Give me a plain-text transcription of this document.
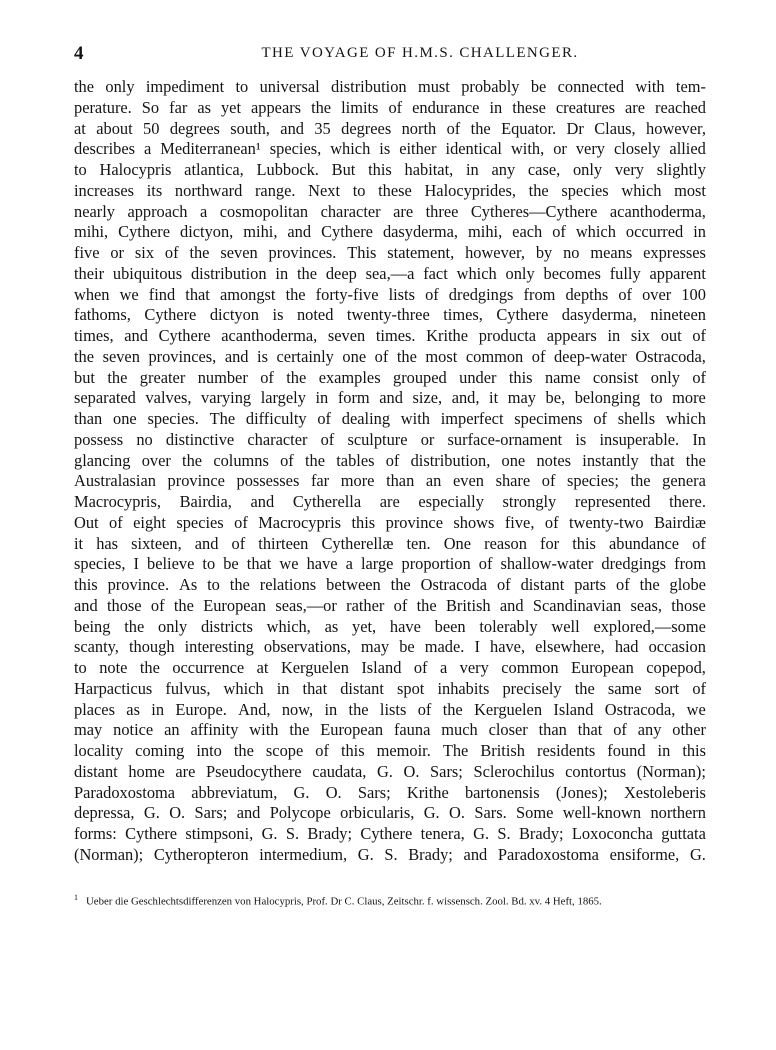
4	THE VOYAGE OF H.M.S. CHALLENGER.
the only impediment to universal distribution must probably be connected with tem-
perature. So far as yet appears the limits of endurance in these creatures are reached
at about 50 degrees south, and 35 degrees north of the Equator. Dr Claus, however,
describes a Mediterranean¹ species, which is either identical with, or very closely allied
to Halocypris atlantica, Lubbock. But this habitat, in any case, only very slightly
increases its northward range. Next to these Halocyprides, the species which most
nearly approach a cosmopolitan character are three Cytheres—Cythere acanthoderma,
mihi, Cythere dictyon, mihi, and Cythere dasyderma, mihi, each of which occurred in
five or six of the seven provinces. This statement, however, by no means expresses
their ubiquitous distribution in the deep sea,—a fact which only becomes fully apparent
when we find that amongst the forty-five lists of dredgings from depths of over 100
fathoms, Cythere dictyon is noted twenty-three times, Cythere dasyderma, nineteen
times, and Cythere acanthoderma, seven times. Krithe producta appears in six out of
the seven provinces, and is certainly one of the most common of deep-water Ostracoda,
but the greater number of the examples grouped under this name consist only of
separated valves, varying largely in form and size, and, it may be, belonging to more
than one species. The difficulty of dealing with imperfect specimens of shells which
possess no distinctive character of sculpture or surface-ornament is insuperable. In
glancing over the columns of the tables of distribution, one notes instantly that the
Australasian province possesses far more than an even share of species; the genera
Macrocypris, Bairdia, and Cytherella are especially strongly represented there.
Out of eight species of Macrocypris this province shows five, of twenty-two Bairdiæ
it has sixteen, and of thirteen Cytherellæ ten. One reason for this abundance of
species, I believe to be that we have a large proportion of shallow-water dredgings from
this province. As to the relations between the Ostracoda of distant parts of the globe
and those of the European seas,—or rather of the British and Scandinavian seas, those
being the only districts which, as yet, have been tolerably well explored,—some
scanty, though interesting observations, may be made. I have, elsewhere, had occasion
to note the occurrence at Kerguelen Island of a very common European copepod,
Harpacticus fulvus, which in that distant spot inhabits precisely the same sort of
places as in Europe. And, now, in the lists of the Kerguelen Island Ostracoda, we
may notice an affinity with the European fauna much closer than that of any other
locality coming into the scope of this memoir. The British residents found in this
distant home are Pseudocythere caudata, G. O. Sars; Sclerochilus contortus (Norman);
Paradoxostoma abbreviatum, G. O. Sars; Krithe bartonensis (Jones); Xestoleberis
depressa, G. O. Sars; and Polycope orbicularis, G. O. Sars. Some well-known northern
forms: Cythere stimpsoni, G. S. Brady; Cythere tenera, G. S. Brady; Loxoconcha guttata
(Norman); Cytheropteron intermedium, G. S. Brady; and Paradoxostoma ensiforme, G.
$^1$ Ueber die Geschlechtsdifferenzen von Halocypris, Prof. Dr C. Claus, Zeitschr. f. wissensch. Zool. Bd. xv. 4 Heft, 1865.
